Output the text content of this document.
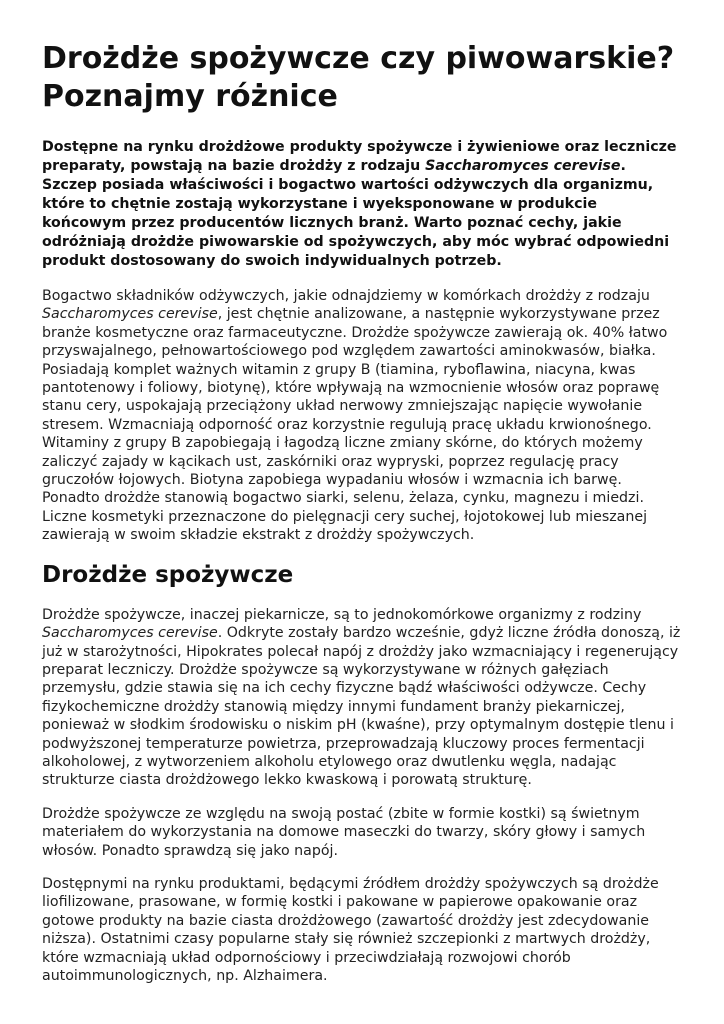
Drożdże spożywcze czy piwowarskie?
Poznajmy różnice

Dostępne na rynku drożdżowe produkty spożywcze i żywieniowe oraz lecznicze preparaty, powstają na bazie drożdży z rodzaju Saccharomyces cerevise. Szczep posiada właściwości i bogactwo wartości odżywczych dla organizmu, które to chętnie zostają wykorzystane i wyeksponowane w produkcie końcowym przez producentów licznych branż. Warto poznać cechy, jakie odróżniają drożdże piwowarskie od spożywczych, aby móc wybrać odpowiedni produkt dostosowany do swoich indywidualnych potrzeb.

Bogactwo składników odżywczych, jakie odnajdziemy w komórkach drożdży z rodzaju Saccharomyces cerevise, jest chętnie analizowane, a następnie wykorzystywane przez branże kosmetyczne oraz farmaceutyczne. Drożdże spożywcze zawierają ok. 40% łatwo przyswajalnego, pełnowartościowego pod względem zawartości aminokwasów, białka. Posiadają komplet ważnych witamin z grupy B (tiamina, ryboflawina, niacyna, kwas pantotenowy i foliowy, biotynę), które wpływają na wzmocnienie włosów oraz poprawę stanu cery, uspokajają przeciążony układ nerwowy zmniejszając napięcie wywołanie stresem. Wzmacniają odporność oraz korzystnie regulują pracę układu krwionośnego. Witaminy z grupy B zapobiegają i łagodzą liczne zmiany skórne, do których możemy zaliczyć zajady w kącikach ust, zaskórniki oraz wypryski, poprzez regulację pracy gruczołów łojowych. Biotyna zapobiega wypadaniu włosów i wzmacnia ich barwę. Ponadto drożdże stanowią bogactwo siarki, selenu, żelaza, cynku, magnezu i miedzi. Liczne kosmetyki przeznaczone do pielęgnacji cery suchej, łojotokowej lub mieszanej zawierają w swoim składzie ekstrakt z drożdży spożywczych.

Drożdże spożywcze

Drożdże spożywcze, inaczej piekarnicze, są to jednokomórkowe organizmy z rodziny Saccharomyces cerevise. Odkryte zostały bardzo wcześnie, gdyż liczne źródła donoszą, iż już w starożytności, Hipokrates polecał napój z drożdży jako wzmacniający i regenerujący preparat leczniczy. Drożdże spożywcze są wykorzystywane w różnych gałęziach przemysłu, gdzie stawia się na ich cechy fizyczne bądź właściwości odżywcze. Cechy fizykochemiczne drożdży stanowią między innymi fundament branży piekarniczej, ponieważ w słodkim środowisku o niskim pH (kwaśne), przy optymalnym dostępie tlenu i podwyższonej temperaturze powietrza, przeprowadzają kluczowy proces fermentacji alkoholowej, z wytworzeniem alkoholu etylowego oraz dwutlenku węgla, nadając strukturze ciasta drożdżowego lekko kwaskową i porowatą strukturę.

Drożdże spożywcze ze względu na swoją postać (zbite w formie kostki) są świetnym materiałem do wykorzystania na domowe maseczki do twarzy, skóry głowy i samych włosów. Ponadto sprawdzą się jako napój.

Dostępnymi na rynku produktami, będącymi źródłem drożdży spożywczych są drożdże liofilizowane, prasowane, w formię kostki i pakowane w papierowe opakowanie oraz gotowe produkty na bazie ciasta drożdżowego (zawartość drożdży jest zdecydowanie niższa). Ostatnimi czasy popularne stały się również szczepionki z martwych drożdży, które wzmacniają układ odpornościowy i przeciwdziałają rozwojowi chorób autoimmunologicznych, np. Alzhaimera.
